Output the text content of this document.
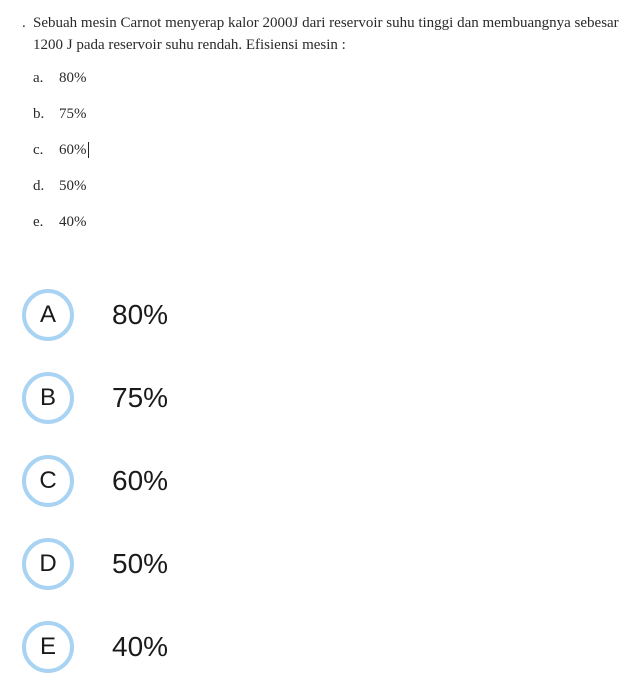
. Sebuah mesin Carnot menyerap kalor 2000J dari reservoir suhu tinggi dan membuangnya sebesar 1200 J pada reservoir suhu rendah. Efisiensi mesin :

a.	80%
b. 75%
c.	60%
d. 50%
e.	40%
A	80%
B	75%
C	60%
D	50%
E	40%
